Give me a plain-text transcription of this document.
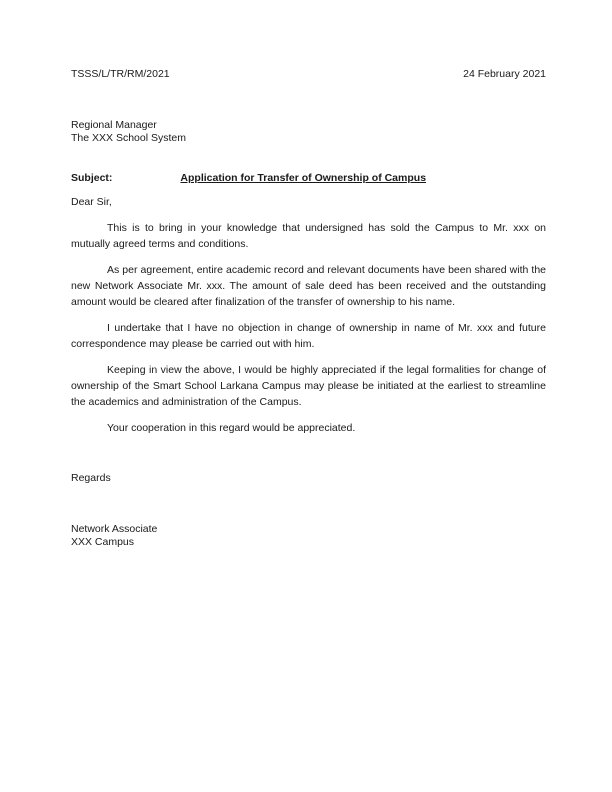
TSSS/L/TR/RM/2021	24 February 2021
Regional Manager
The XXX School System
Subject:	Application for Transfer of Ownership of Campus
Dear Sir,

This is to bring in your knowledge that undersigned has sold the Campus to Mr. xxx on mutually agreed terms and conditions.

As per agreement, entire academic record and relevant documents have been shared with the new Network Associate Mr. xxx. The amount of sale deed has been received and the outstanding amount would be cleared after finalization of the transfer of ownership to his name.

I undertake that I have no objection in change of ownership in name of Mr. xxx and future correspondence may please be carried out with him.

Keeping in view the above, I would be highly appreciated if the legal formalities for change of ownership of the Smart School Larkana Campus may please be initiated at the earliest to streamline the academics and administration of the Campus.

Your cooperation in this regard would be appreciated.

Regards
Network Associate
XXX Campus
